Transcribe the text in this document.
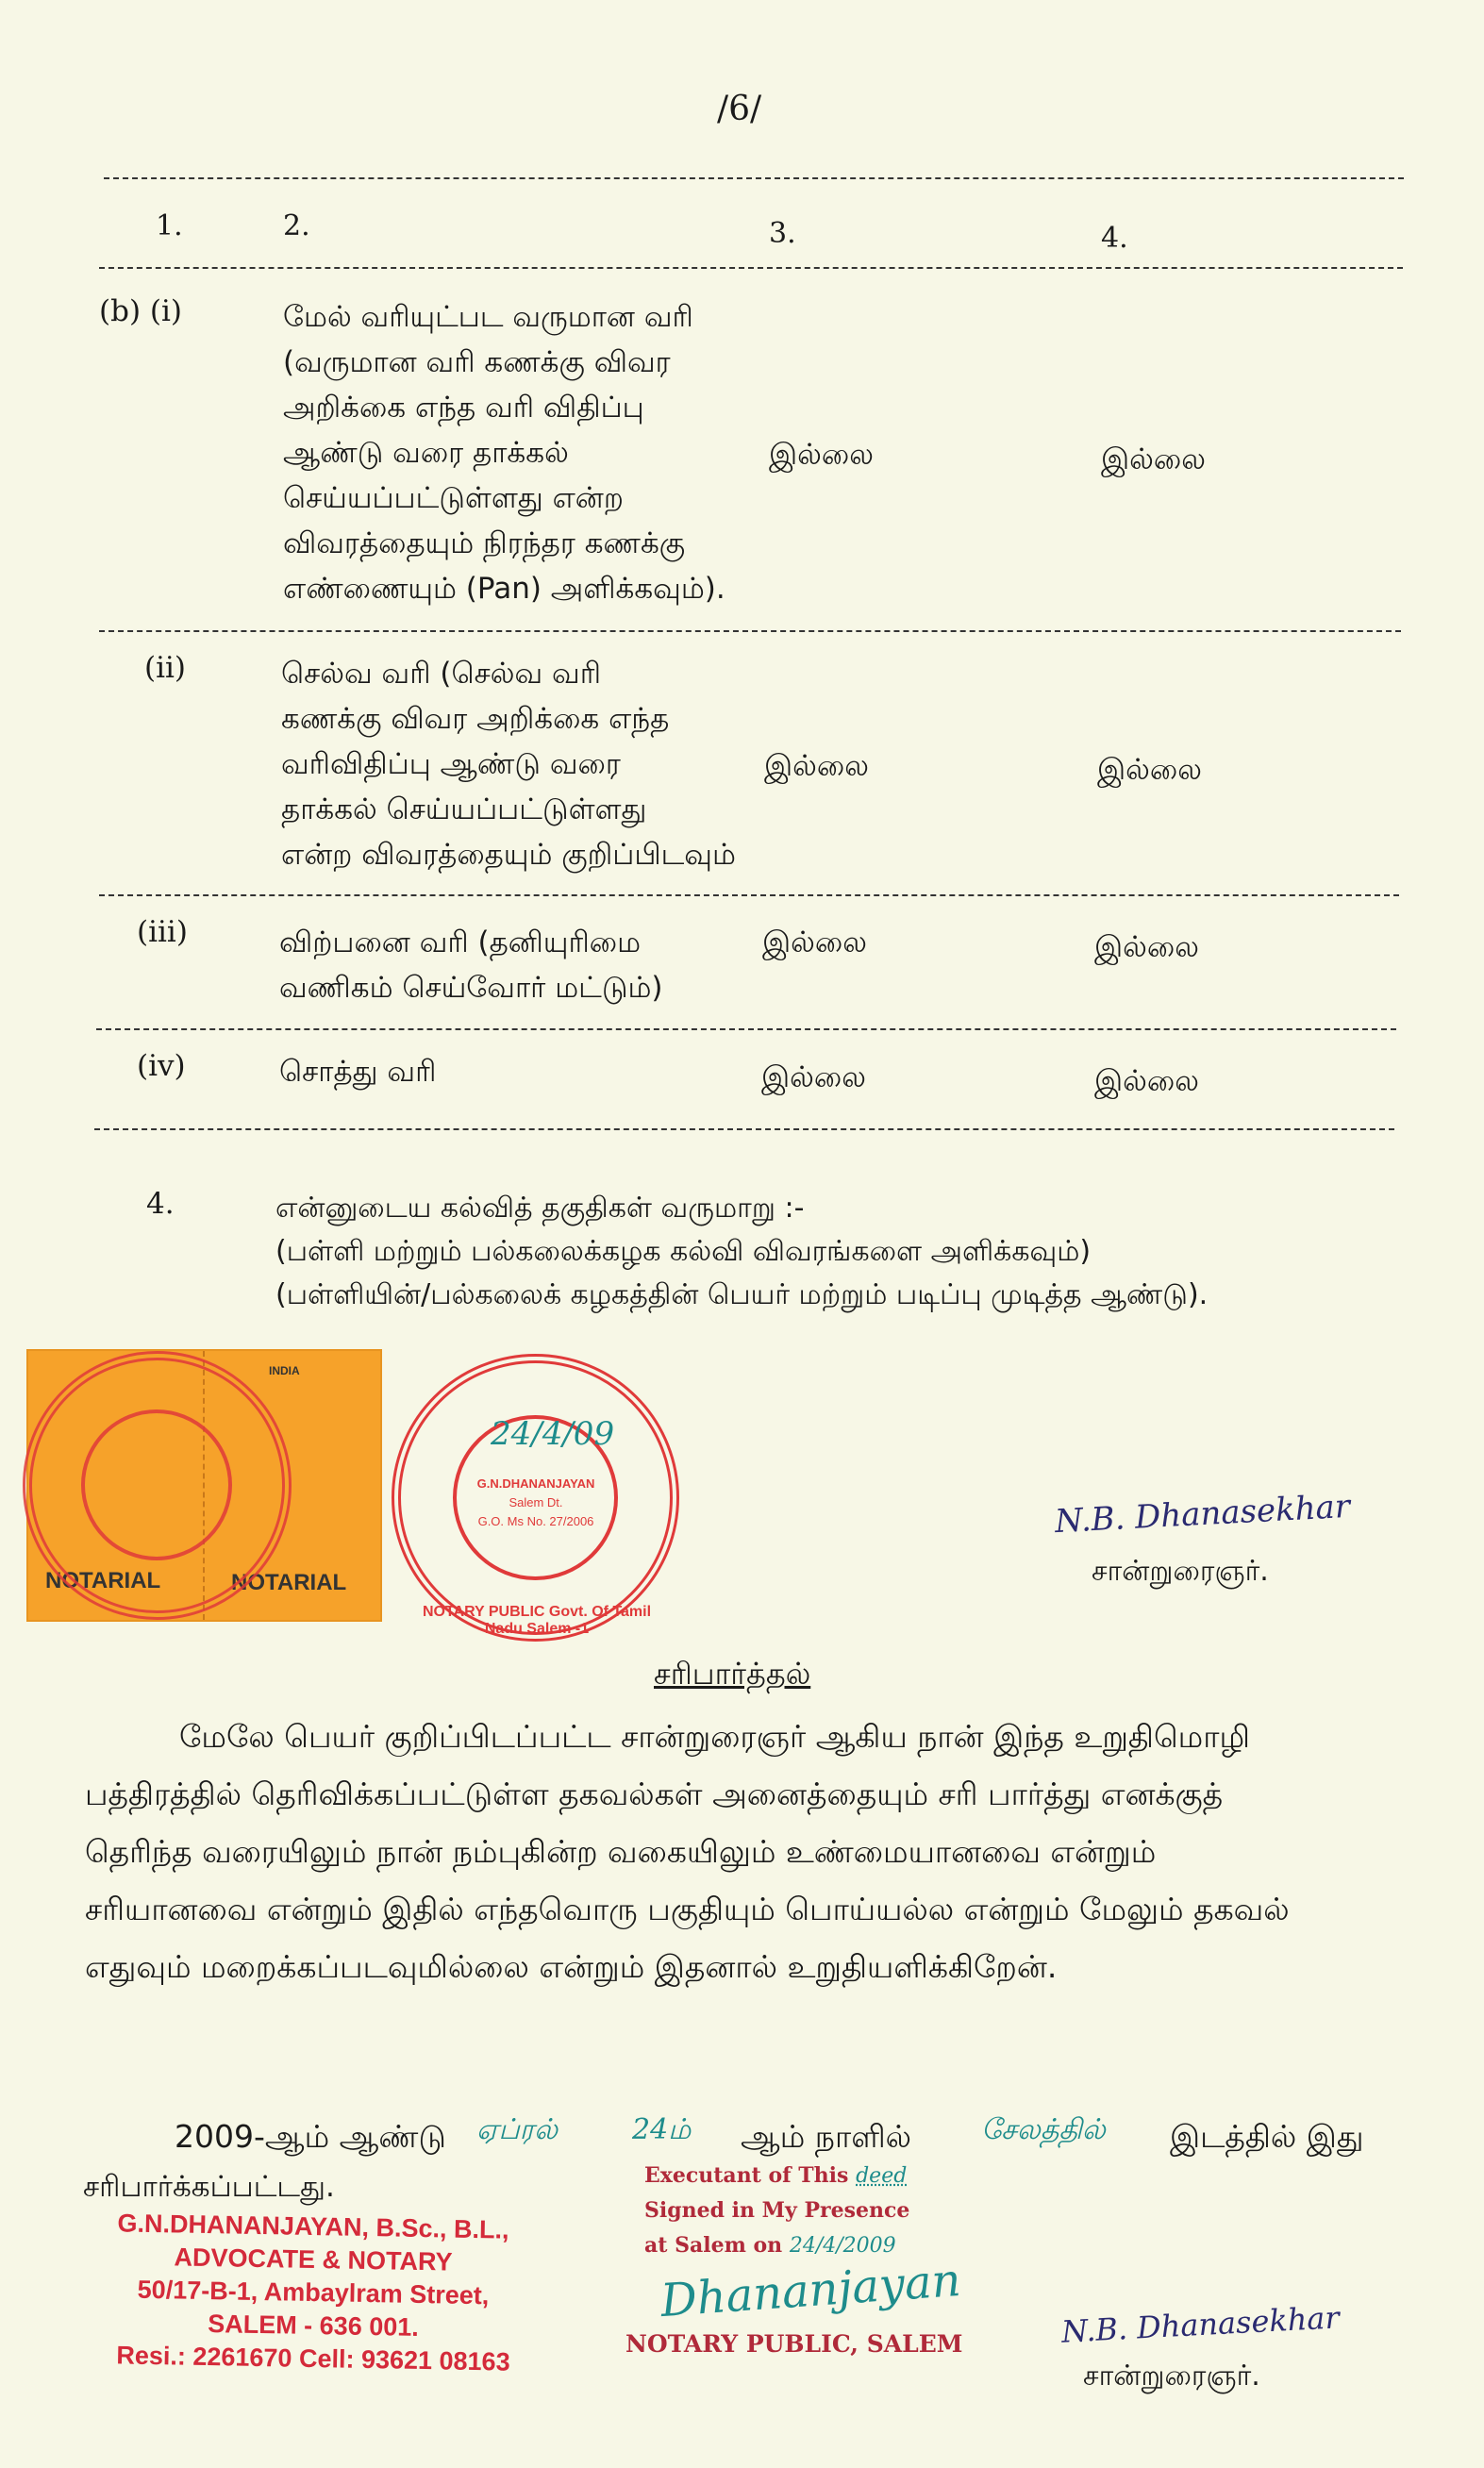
/6/
1.	2.	3.	4.
(b) (i)	மேல் வரியுட்பட வருமான வரி
(வருமான வரி கணக்கு விவர
அறிக்கை எந்த வரி விதிப்பு
ஆண்டு வரை தாக்கல்
செய்யப்பட்டுள்ளது என்ற
விவரத்தையும் நிரந்தர கணக்கு
எண்ணையும் (Pan) அளிக்கவும்).
இல்லை	இல்லை
(ii)	செல்வ வரி (செல்வ வரி
கணக்கு விவர அறிக்கை எந்த
வரிவிதிப்பு ஆண்டு வரை
தாக்கல் செய்யப்பட்டுள்ளது
என்ற விவரத்தையும் குறிப்பிடவும்
இல்லை	இல்லை
(iii)	விற்பனை வரி (தனியுரிமை
வணிகம் செய்வோர் மட்டும்)
இல்லை	இல்லை
(iv)	சொத்து வரி	இல்லை	இல்லை
4.	என்னுடைய கல்வித் தகுதிகள் வருமாறு :-
(பள்ளி மற்றும் பல்கலைக்கழக கல்வி விவரங்களை அளிக்கவும்)
(பள்ளியின்/பல்கலைக் கழகத்தின் பெயர் மற்றும் படிப்பு முடித்த ஆண்டு).
INDIA
NOTARIAL	NOTARIAL
NOTARY PUBLIC Govt. Of Tamil Nadu Salem -1
G.N.DHANANJAYAN
Salem Dt.
G.O. Ms No. 27/2006
24/4/09
N.B. Dhanasekhar
சான்றுரைஞர்.
சரிபார்த்தல்
மேலே பெயர் குறிப்பிடப்பட்ட சான்றுரைஞர் ஆகிய நான் இந்த உறுதிமொழி
பத்திரத்தில் தெரிவிக்கப்பட்டுள்ள தகவல்கள் அனைத்தையும் சரி பார்த்து எனக்குத்
தெரிந்த வரையிலும் நான் நம்புகின்ற வகையிலும் உண்மையானவை என்றும்
சரியானவை என்றும் இதில் எந்தவொரு பகுதியும் பொய்யல்ல என்றும் மேலும் தகவல்
எதுவும் மறைக்கப்படவுமில்லை என்றும் இதனால் உறுதியளிக்கிறேன்.
2009-ஆம் ஆண்டு ஏப்ரல்	24ம் ஆம் நாளில் சேலத்தில் இடத்தில் இது
சரிபார்க்கப்பட்டது.
G.N.DHANANJAYAN, B.Sc., B.L.,
ADVOCATE & NOTARY
50/17-B-1, Ambaylram Street,
SALEM - 636 001.
Resi.: 2261670 Cell: 93621 08163
Executant of This deed
Signed in My Presence
at Salem on 24/4/2009
Dhananjayan
NOTARY PUBLIC, SALEM	N.B. Dhanasekhar
சான்றுரைஞர்.
